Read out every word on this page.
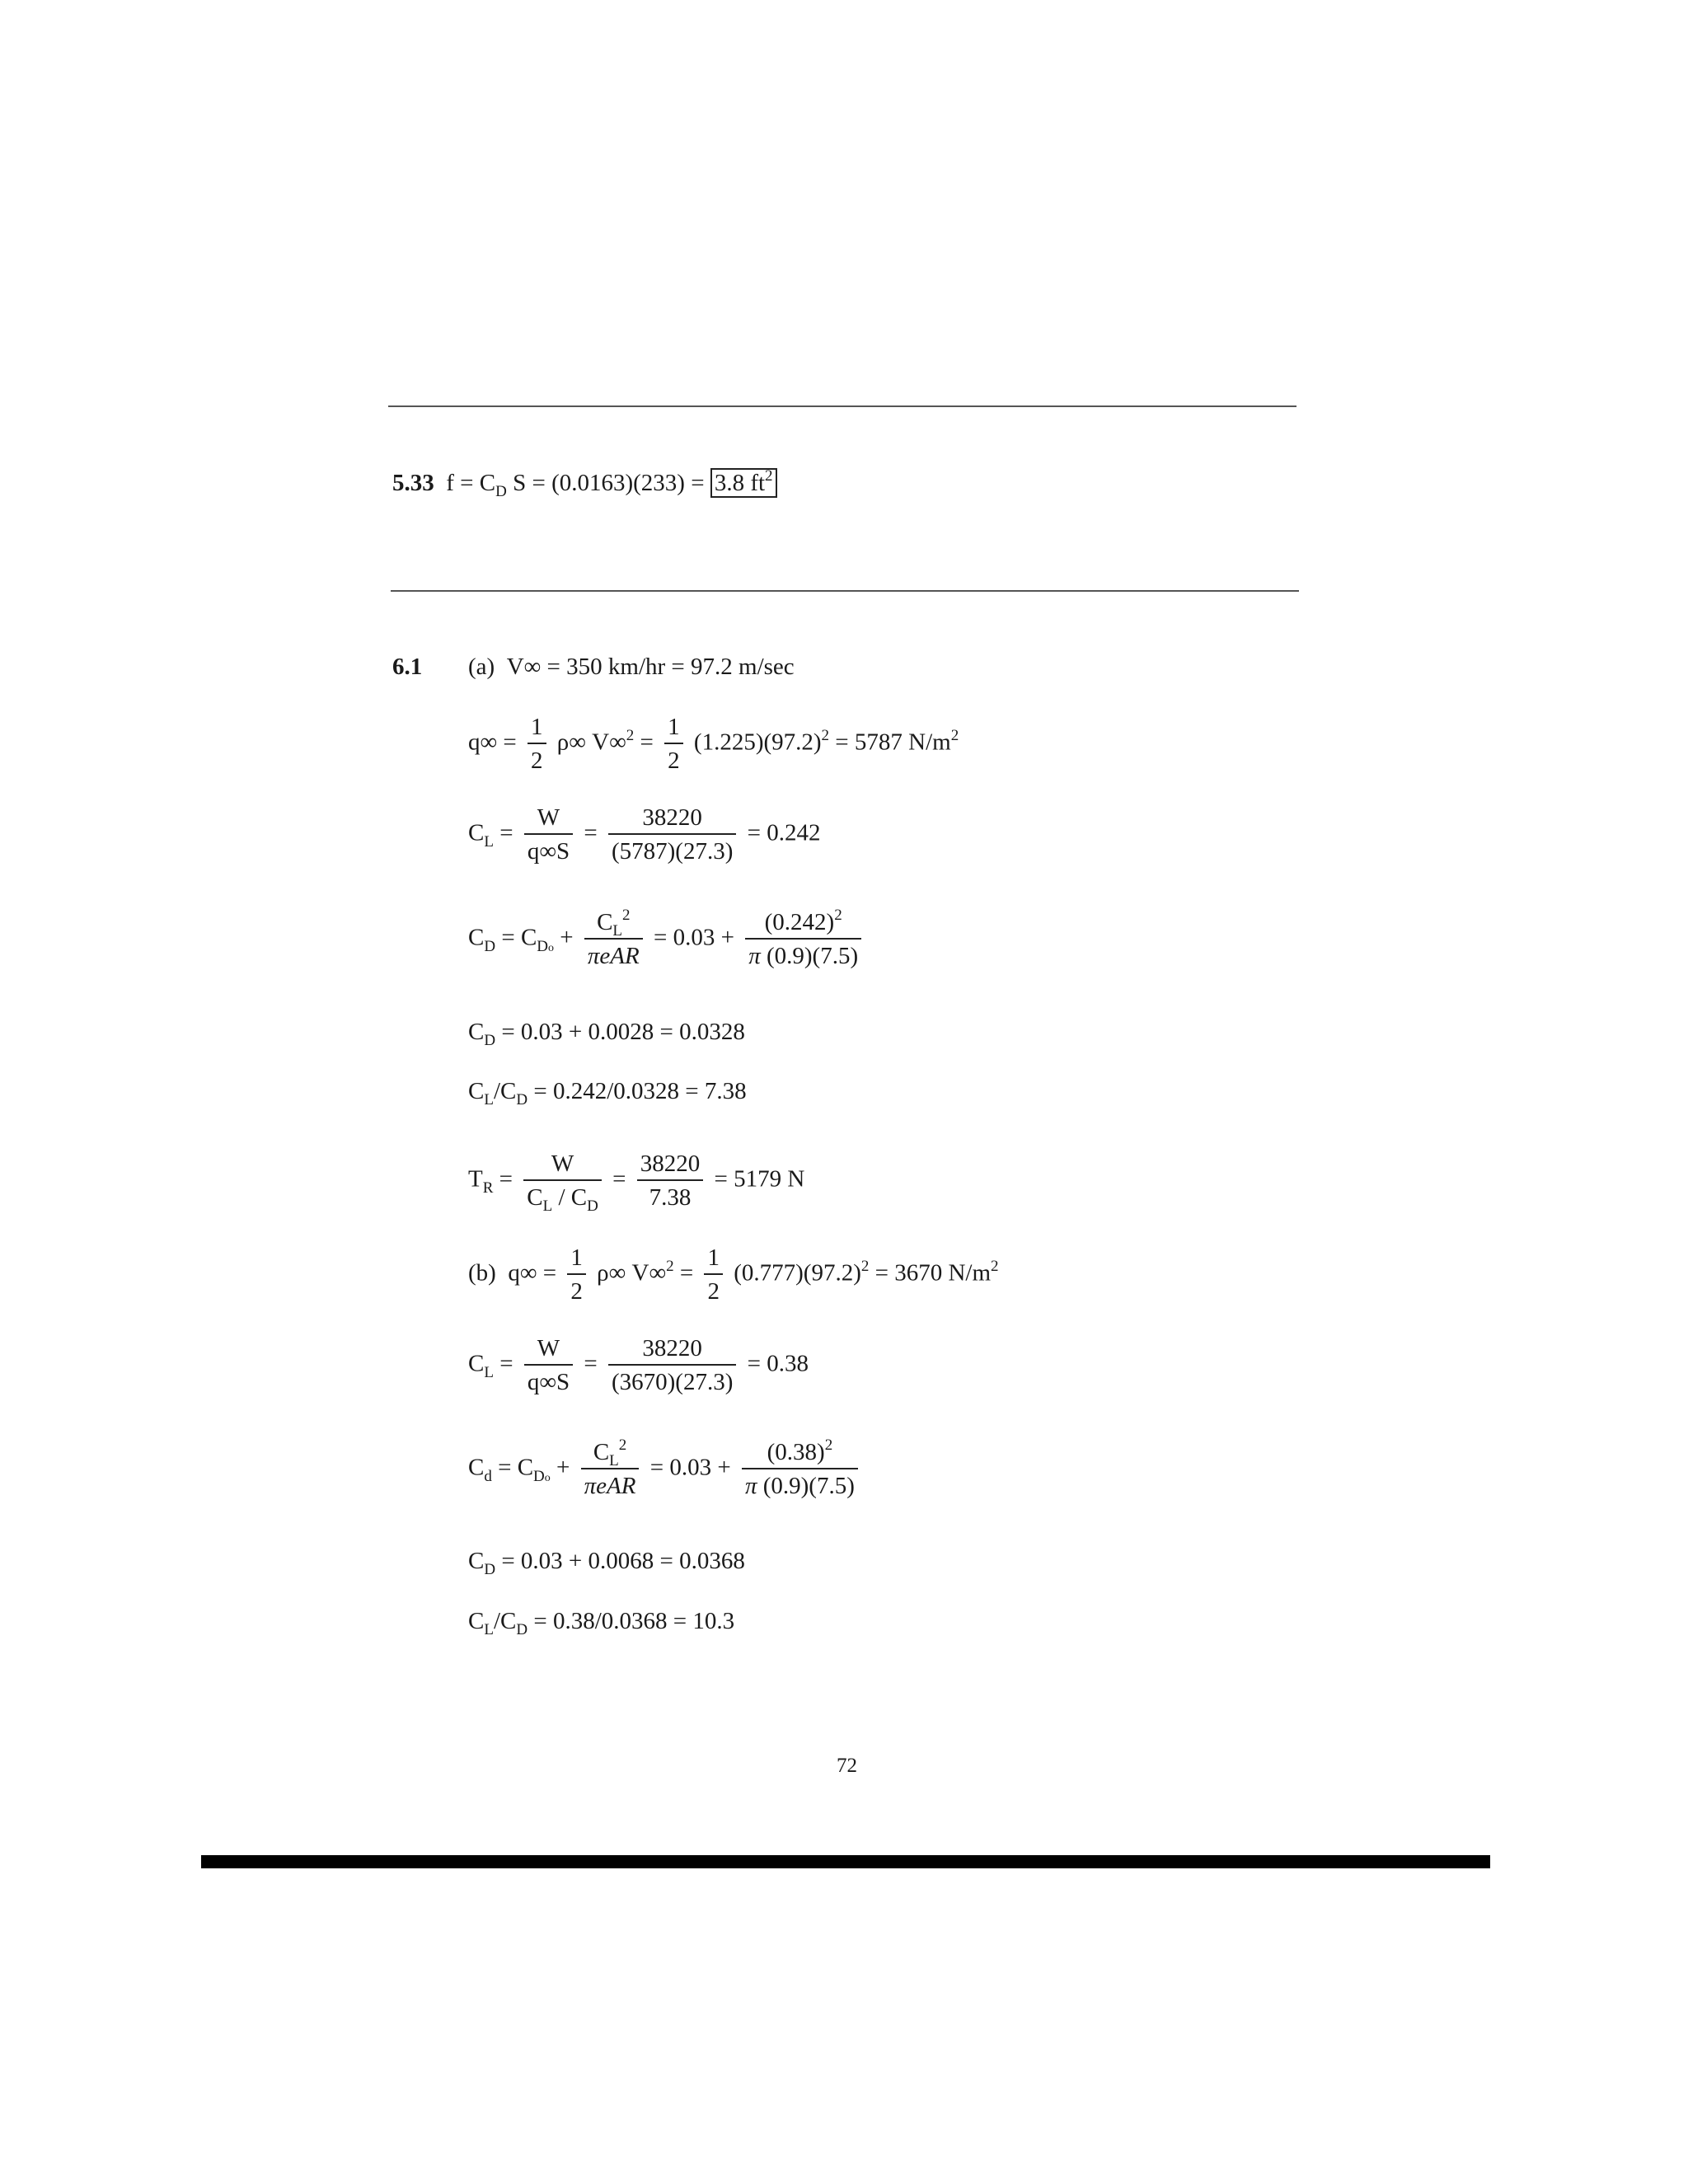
5.33 $f = C_D$ S = (0.0163)(233) = 3.8 $ft^2$
6.1 (a) V∞ = 350 km/hr = 97.2 m/sec
$q\infty = \frac{1}{2} \rho\infty$ $V\infty^2 = \frac{1}{2} (1.225)(97.2)^2 = 5787$ $N/m^2$
$C_L = \frac{W}{q\infty S} = \frac{38220}{(5787)(27.3)} = 0.242$
$C_D = C_{Do} + \frac{C_L^2}{\text{πeAR}} = 0.03 + \frac{(0.242)^2}{\pi (0.9)(7.5)}$
$C_D = 0.03 + 0.0028 = 0.0328$
$C_L/C_D = 0.242/0.0328 = 7.38$
$T_R = \frac{W}{C_L / C_D} = \frac{38220}{7.38} = 5179$ N
(b) $q\infty = \frac{1}{2} \rho\infty$ $V\infty^2 = \frac{1}{2} (0.777)(97.2)^2 = 3670$ $N/m^2$
$C_L = \frac{W}{q\infty S} = \frac{38220}{(3670)(27.3)} = 0.38$
$C_d = C_{Do} + \frac{C_L^2}{\text{πeAR}} = 0.03 + \frac{(0.38)^2}{\pi (0.9)(7.5)}$
$C_D = 0.03 + 0.0068 = 0.0368$
$C_L/C_D = 0.38/0.0368 = 10.3$
72
